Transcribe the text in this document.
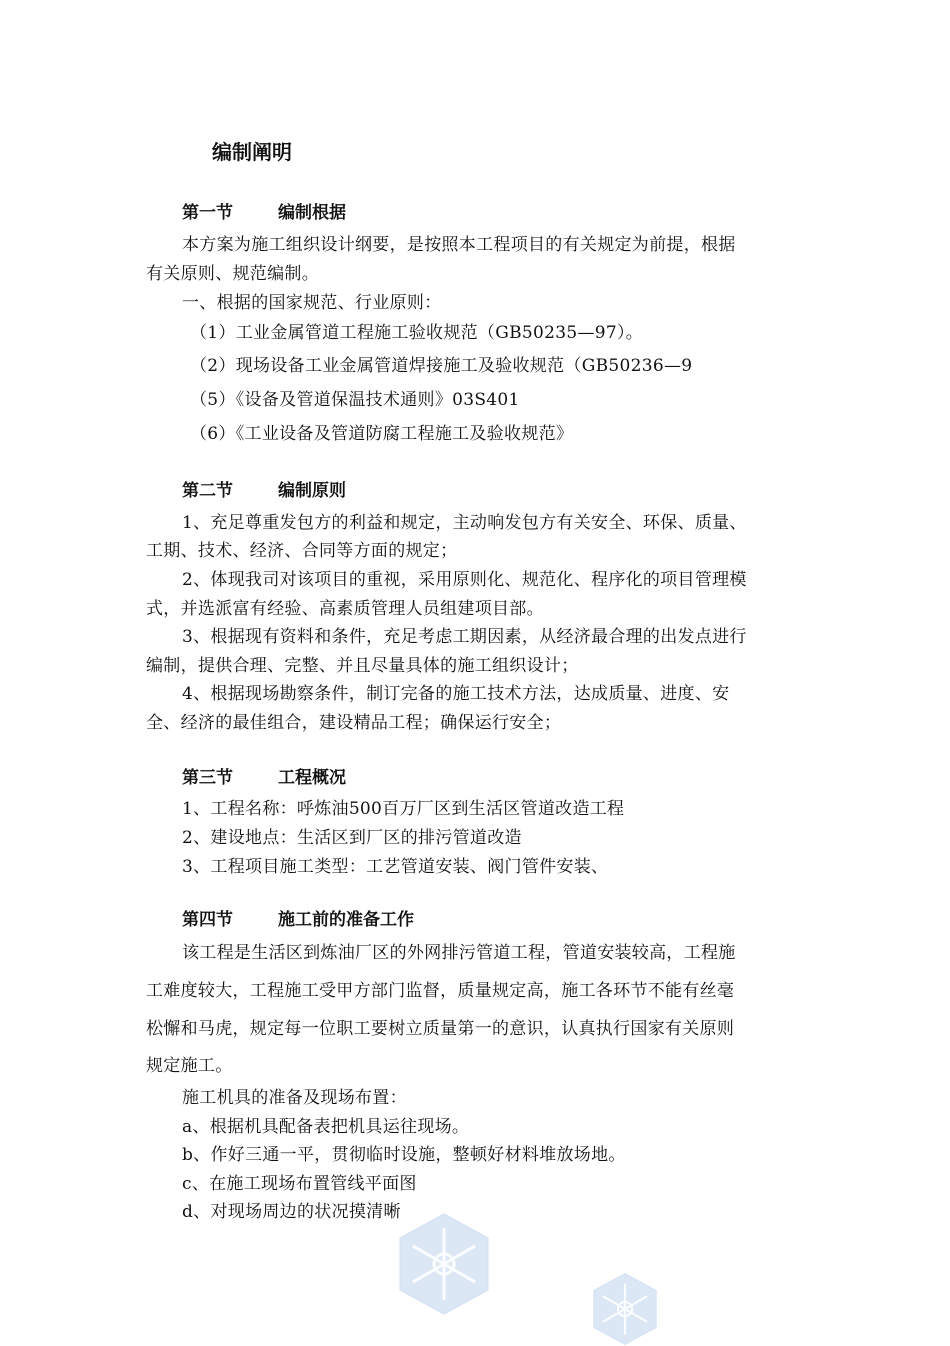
编制阐明
第一节	编制根据
本方案为施工组织设计纲要，是按照本工程项目的有关规定为前提，根据
有关原则、规范编制。
一、根据的国家规范、行业原则：
（1）工业金属管道工程施工验收规范（GB50235—97）。
（2）现场设备工业金属管道焊接施工及验收规范（GB50236—9
（5）《设备及管道保温技术通则》03S401
（6）《工业设备及管道防腐工程施工及验收规范》
第二节	编制原则
1、充足尊重发包方的利益和规定，主动响发包方有关安全、环保、质量、
工期、技术、经济、合同等方面的规定；
2、体现我司对该项目的重视，采用原则化、规范化、程序化的项目管理模
式，并选派富有经验、高素质管理人员组建项目部。
3、根据现有资料和条件，充足考虑工期因素，从经济最合理的出发点进行
编制，提供合理、完整、并且尽量具体的施工组织设计；
4、根据现场勘察条件，制订完备的施工技术方法，达成质量、进度、安
全、经济的最佳组合，建设精品工程；确保运行安全；
第三节	工程概况
1、工程名称：呼炼油500百万厂区到生活区管道改造工程
2、建设地点：生活区到厂区的排污管道改造
3、工程项目施工类型：工艺管道安装、阀门管件安装、
第四节	施工前的准备工作
该工程是生活区到炼油厂区的外网排污管道工程，管道安装较高，工程施
工难度较大，工程施工受甲方部门监督，质量规定高，施工各环节不能有丝毫
松懈和马虎，规定每一位职工要树立质量第一的意识，认真执行国家有关原则
规定施工。
施工机具的准备及现场布置：
a、根据机具配备表把机具运往现场。
b、作好三通一平，贯彻临时设施，整顿好材料堆放场地。
c、在施工现场布置管线平面图
d、对现场周边的状况摸清晰
